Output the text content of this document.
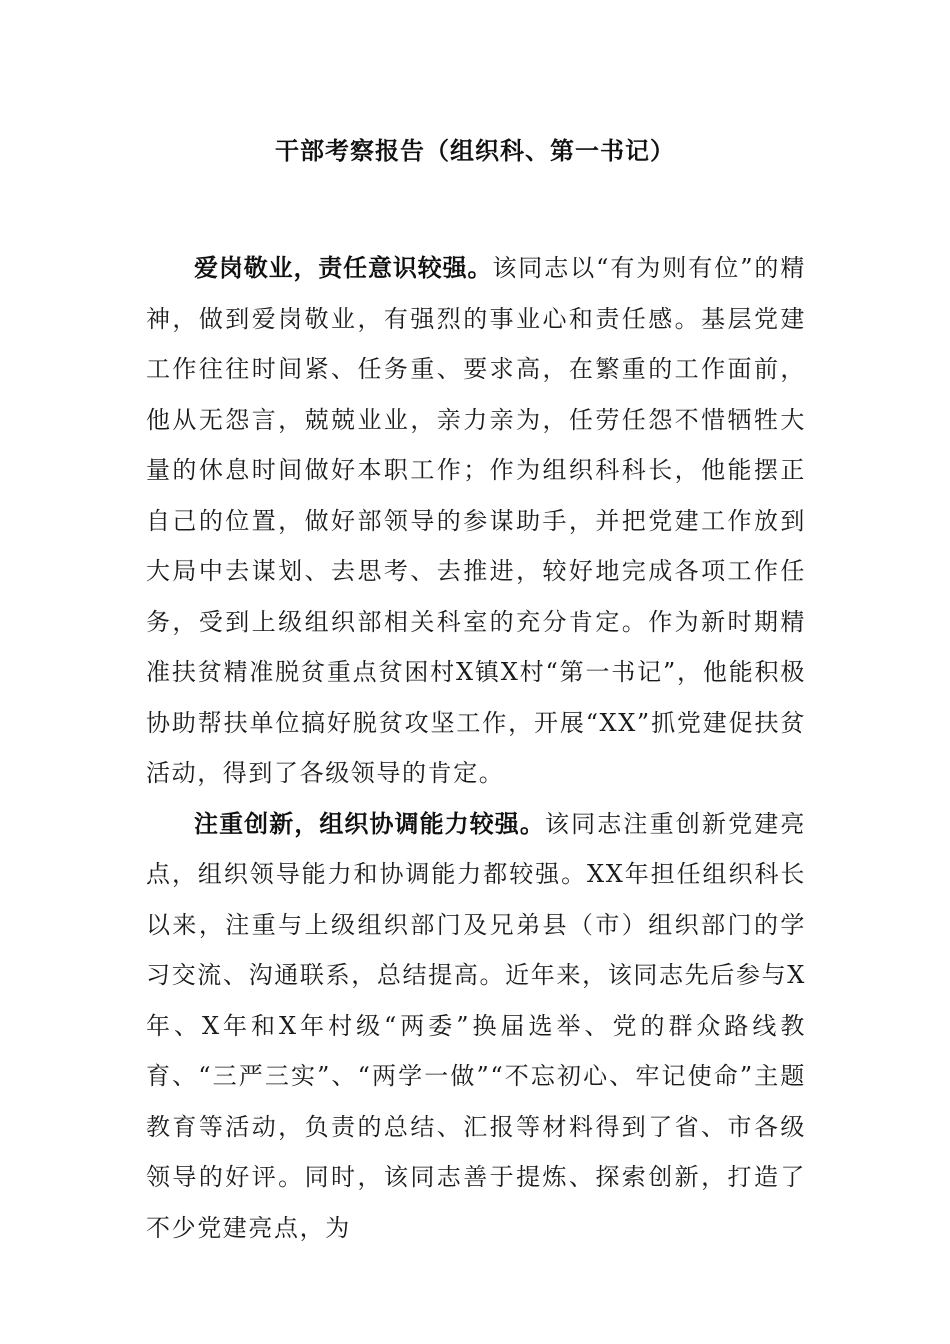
干部考察报告（组织科、第一书记）

爱岗敬业，责任意识较强。该同志以“有为则有位”的精神，做到爱岗敬业，有强烈的事业心和责任感。基层党建工作往往时间紧、任务重、要求高，在繁重的工作面前，他从无怨言，兢兢业业，亲力亲为，任劳任怨不惜牺牲大量的休息时间做好本职工作；作为组织科科长，他能摆正自己的位置，做好部领导的参谋助手，并把党建工作放到大局中去谋划、去思考、去推进，较好地完成各项工作任务，受到上级组织部相关科室的充分肯定。作为新时期精准扶贫精准脱贫重点贫困村X镇X村“第一书记”，他能积极协助帮扶单位搞好脱贫攻坚工作，开展“XX”抓党建促扶贫活动，得到了各级领导的肯定。

注重创新，组织协调能力较强。该同志注重创新党建亮点，组织领导能力和协调能力都较强。XX年担任组织科长以来，注重与上级组织部门及兄弟县（市）组织部门的学习交流、沟通联系，总结提高。近年来，该同志先后参与X年、X年和X年村级“两委”换届选举、党的群众路线教育、“三严三实”、“两学一做”“不忘初心、牢记使命”主题教育等活动，负责的总结、汇报等材料得到了省、市各级领导的好评。同时，该同志善于提炼、探索创新，打造了不少党建亮点，为
